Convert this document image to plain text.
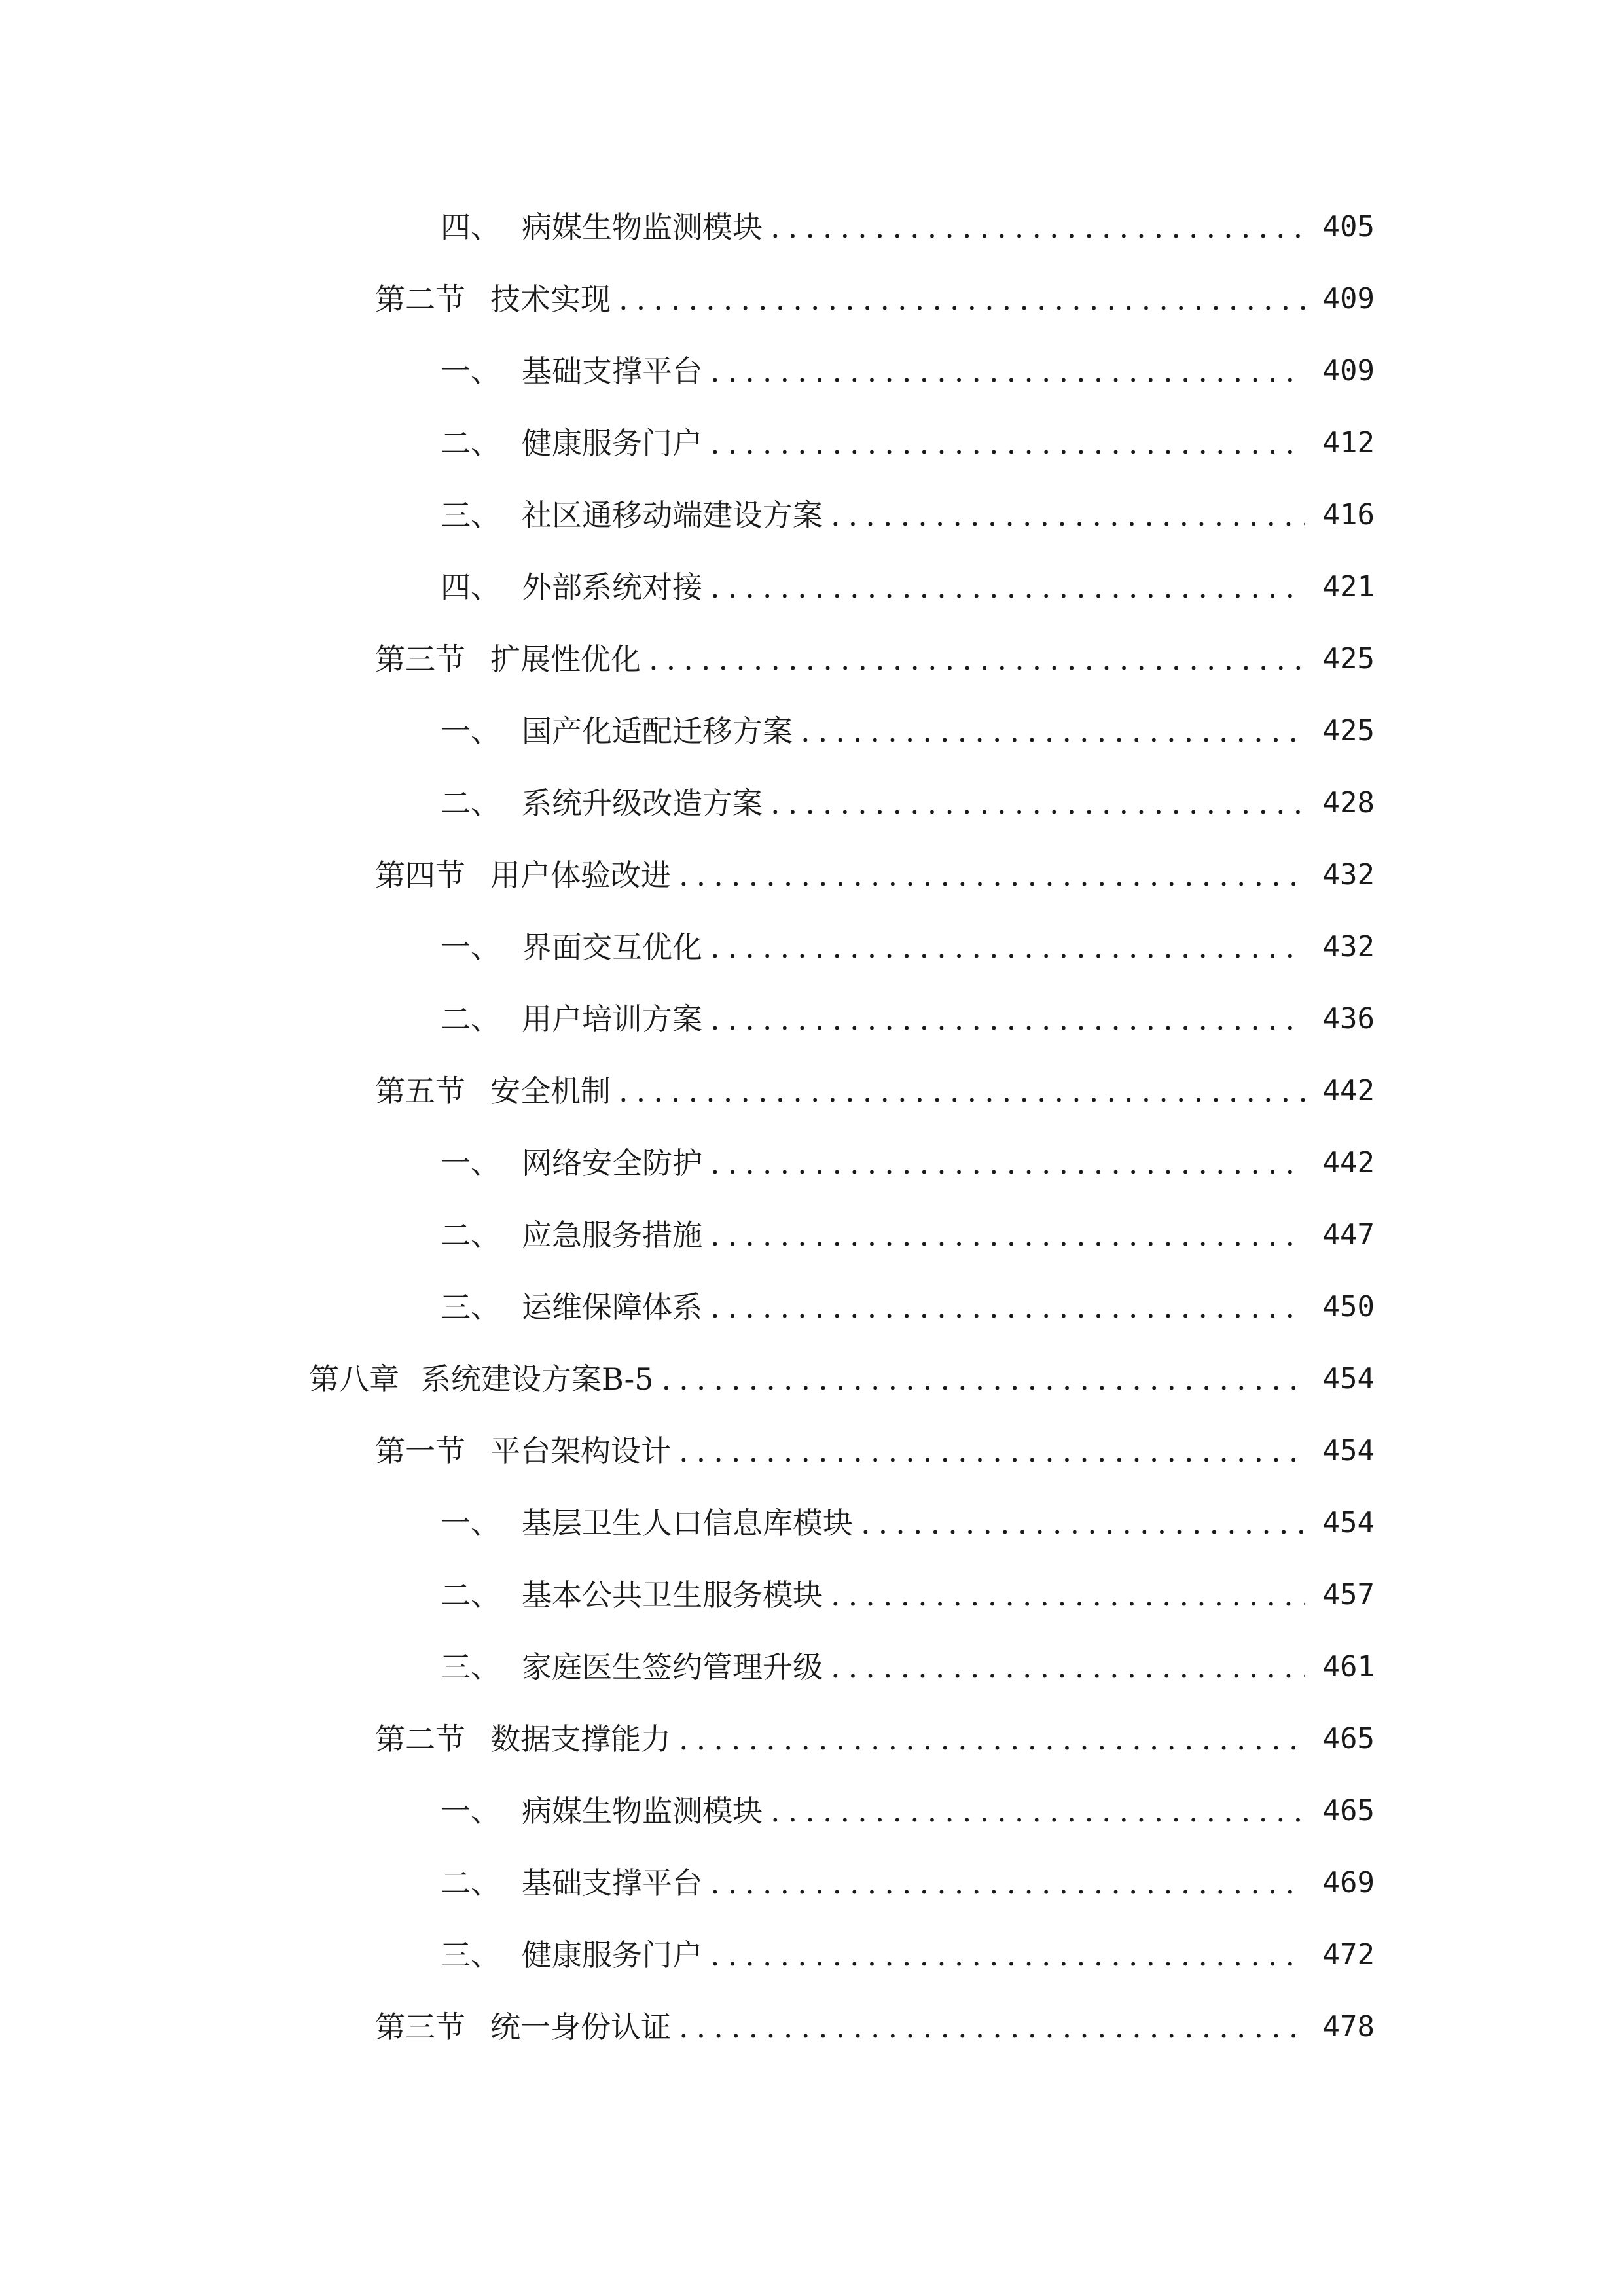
四、 病媒生物监测模块 .....	405
第二节 技术实现 .....	409
一、 基础支撑平台 .....	409
二、 健康服务门户 .....	412
三、 社区通移动端建设方案 .....	416
四、 外部系统对接 .....	421
第三节 扩展性优化 .....	425
一、 国产化适配迁移方案 .....	425
二、 系统升级改造方案 .....	428
第四节 用户体验改进 .....	432
一、 界面交互优化 .....	432
二、 用户培训方案 .....	436
第五节 安全机制 .....	442
一、 网络安全防护 .....	442
二、 应急服务措施 .....	447
三、 运维保障体系 .....	450
第八章 系统建设方案B-5 .....	454
第一节 平台架构设计 .....	454
一、 基层卫生人口信息库模块 .....	454
二、 基本公共卫生服务模块 .....	457
三、 家庭医生签约管理升级 .....	461
第二节 数据支撑能力 .....	465
一、 病媒生物监测模块 .....	465
二、 基础支撑平台 .....	469
三、 健康服务门户 .....	472
第三节 统一身份认证 .....	478
